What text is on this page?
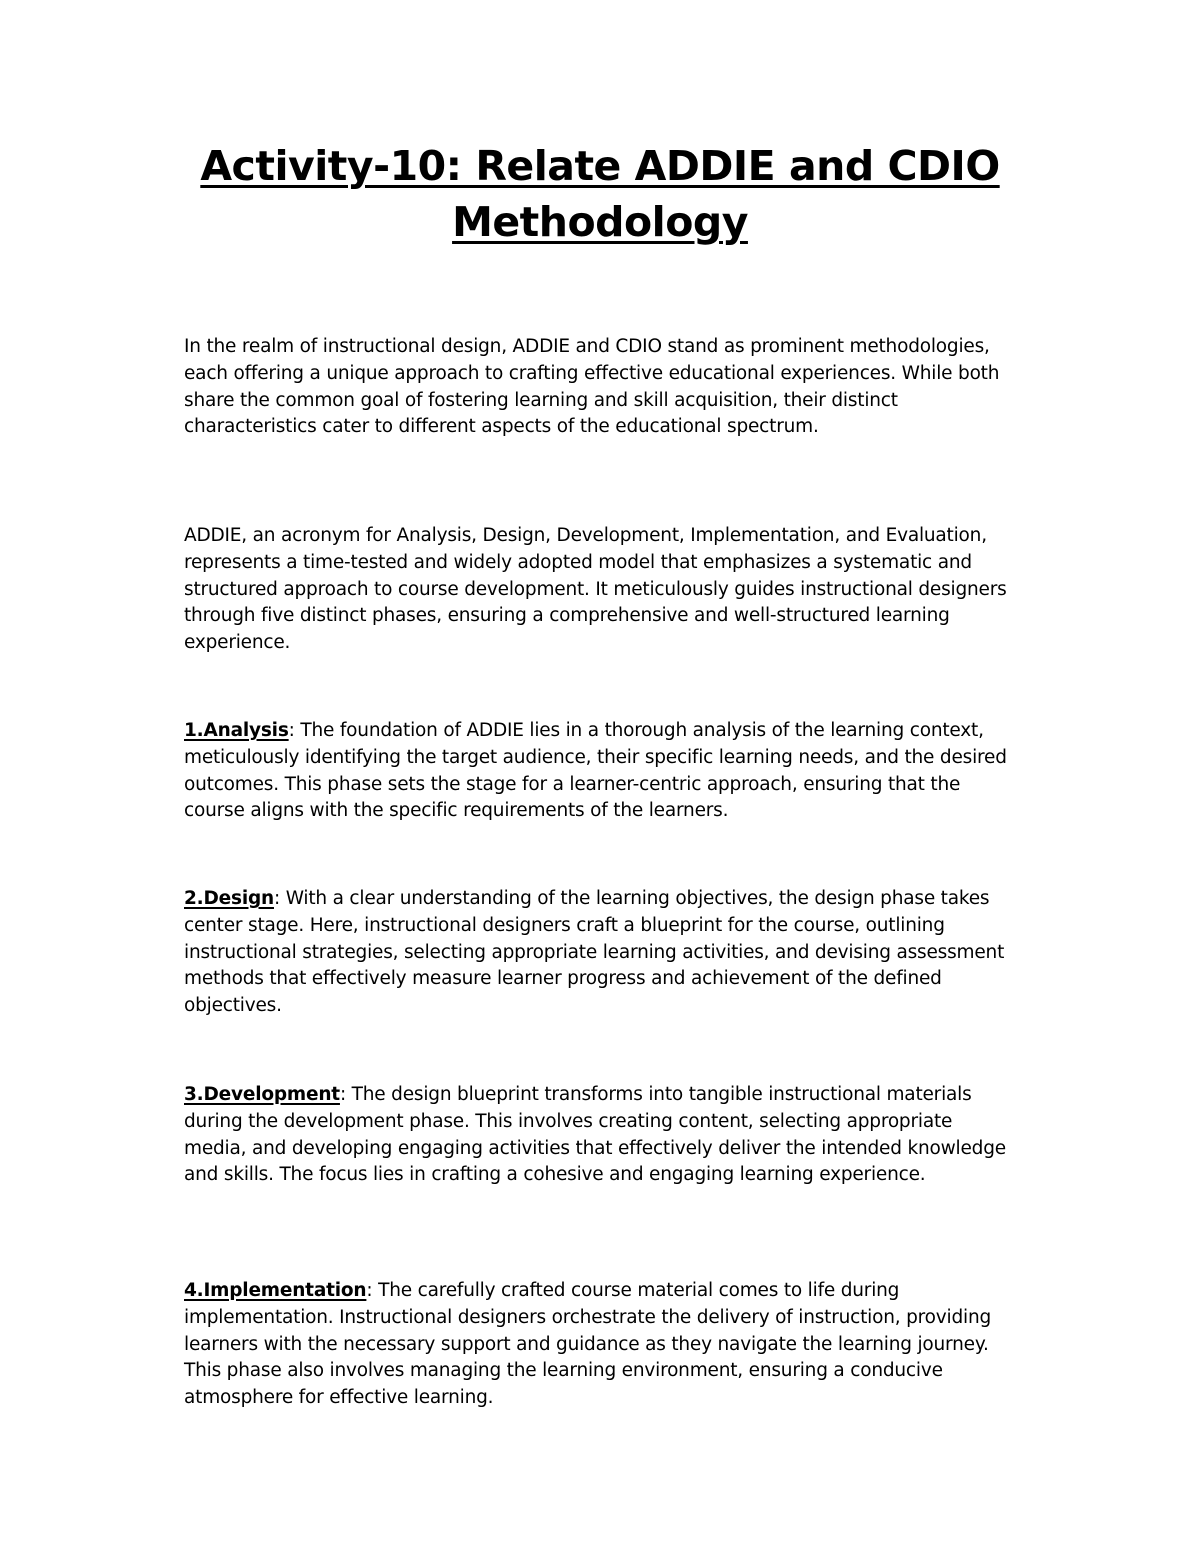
Activity-10: Relate ADDIE and CDIO Methodology

In the realm of instructional design, ADDIE and CDIO stand as prominent methodologies, each offering a unique approach to crafting effective educational experiences. While both share the common goal of fostering learning and skill acquisition, their distinct characteristics cater to different aspects of the educational spectrum.

ADDIE, an acronym for Analysis, Design, Development, Implementation, and Evaluation, represents a time-tested and widely adopted model that emphasizes a systematic and structured approach to course development. It meticulously guides instructional designers through five distinct phases, ensuring a comprehensive and well-structured learning experience.

1.Analysis: The foundation of ADDIE lies in a thorough analysis of the learning context, meticulously identifying the target audience, their specific learning needs, and the desired outcomes. This phase sets the stage for a learner-centric approach, ensuring that the course aligns with the specific requirements of the learners.

2.Design: With a clear understanding of the learning objectives, the design phase takes center stage. Here, instructional designers craft a blueprint for the course, outlining instructional strategies, selecting appropriate learning activities, and devising assessment methods that effectively measure learner progress and achievement of the defined objectives.

3.Development: The design blueprint transforms into tangible instructional materials during the development phase. This involves creating content, selecting appropriate media, and developing engaging activities that effectively deliver the intended knowledge and skills. The focus lies in crafting a cohesive and engaging learning experience.

4.Implementation: The carefully crafted course material comes to life during implementation. Instructional designers orchestrate the delivery of instruction, providing learners with the necessary support and guidance as they navigate the learning journey. This phase also involves managing the learning environment, ensuring a conducive atmosphere for effective learning.
